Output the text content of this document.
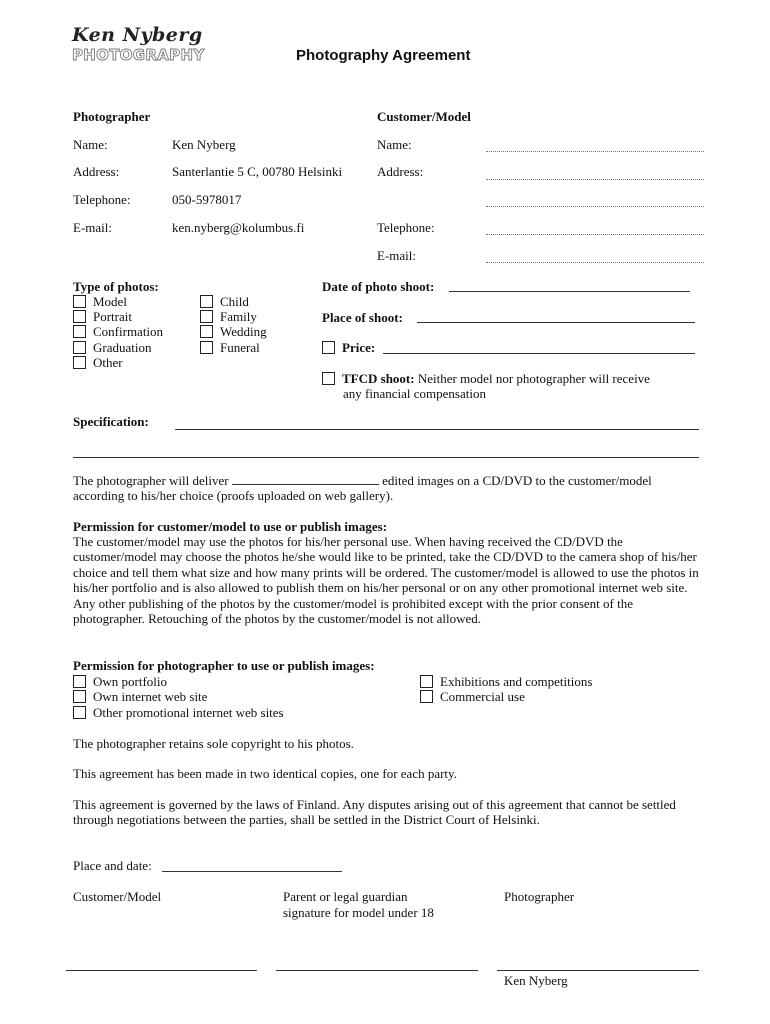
Ken Nyberg
PHOTOGRAPHY	Photography Agreement
Photographer
Name:	Ken Nyberg
Address:	Santerlantie 5 C, 00780 Helsinki
Telephone:	050-5978017
E-mail:	ken.nyberg@kolumbus.fi
Customer/Model
Name:
Address:
Telephone:
E-mail:
Type of photos:
Model
Portrait
Confirmation
Graduation
Other
Child
Family
Wedding
Funeral
Date of photo shoot:
Place of shoot:
Price:
TFCD shoot: Neither model nor photographer will receive
any financial compensation
Specification:
The photographer will deliver	edited images on a CD/DVD to the customer/model
according to his/her choice (proofs uploaded on web gallery).
Permission for customer/model to use or publish images:
The customer/model may use the photos for his/her personal use. When having received the CD/DVD the customer/model may choose the photos he/she would like to be printed, take the CD/DVD to the camera shop of his/her choice and tell them what size and how many prints will be ordered. The customer/model is allowed to use the photos in his/her portfolio and is also allowed to publish them on his/her personal or on any other promotional internet web site. Any other publishing of the photos by the customer/model is prohibited except with the prior consent of the photographer. Retouching of the photos by the customer/model is not allowed.
Permission for photographer to use or publish images:
Own portfolio
Own internet web site
Other promotional internet web sites
Exhibitions and competitions
Commercial use
The photographer retains sole copyright to his photos.
This agreement has been made in two identical copies, one for each party.
This agreement is governed by the laws of Finland. Any disputes arising out of this agreement that cannot be settled through negotiations between the parties, shall be settled in the District Court of Helsinki.
Place and date:
Customer/Model	Parent or legal guardian
signature for model under 18
Photographer
Ken Nyberg
